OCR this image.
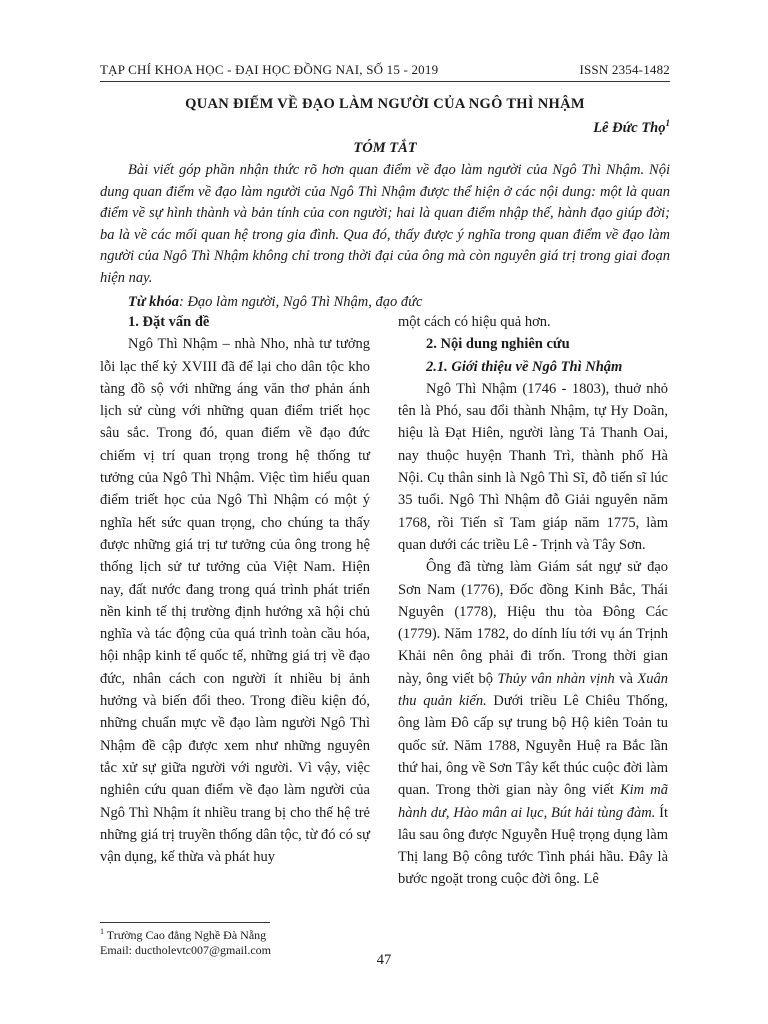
TẠP CHÍ KHOA HỌC - ĐẠI HỌC ĐỒNG NAI, SỐ 15 - 2019	ISSN 2354-1482
QUAN ĐIỂM VỀ ĐẠO LÀM NGƯỜI CỦA NGÔ THÌ NHẬM
Lê Đức Thọ$^1$
TÓM TẮT
Bài viết góp phần nhận thức rõ hơn quan điểm về đạo làm người của Ngô Thì Nhậm. Nội dung quan điểm về đạo làm người của Ngô Thì Nhậm được thể hiện ở các nội dung: một là quan điểm về sự hình thành và bản tính của con người; hai là quan điểm nhập thế, hành đạo giúp đời; ba là về các mối quan hệ trong gia đình. Qua đó, thấy được ý nghĩa trong quan điểm về đạo làm người của Ngô Thì Nhậm không chỉ trong thời đại của ông mà còn nguyên giá trị trong giai đoạn hiện nay.
Từ khóa: Đạo làm người, Ngô Thì Nhậm, đạo đức
1. Đặt vấn đề

Ngô Thì Nhậm – nhà Nho, nhà tư tưởng lỗi lạc thế kỷ XVIII đã để lại cho dân tộc kho tàng đồ sộ với những áng văn thơ phản ánh lịch sử cùng với những quan điểm triết học sâu sắc. Trong đó, quan điểm về đạo đức chiếm vị trí quan trọng trong hệ thống tư tưởng của Ngô Thì Nhậm. Việc tìm hiểu quan điểm triết học của Ngô Thì Nhậm có một ý nghĩa hết sức quan trọng, cho chúng ta thấy được những giá trị tư tưởng của ông trong hệ thống lịch sử tư tưởng của Việt Nam. Hiện nay, đất nước đang trong quá trình phát triển nền kinh tế thị trường định hướng xã hội chủ nghĩa và tác động của quá trình toàn cầu hóa, hội nhập kinh tế quốc tế, những giá trị về đạo đức, nhân cách con người ít nhiều bị ảnh hưởng và biến đổi theo. Trong điều kiện đó, những chuẩn mực về đạo làm người Ngô Thì Nhậm đề cập được xem như những nguyên tắc xử sự giữa người với người. Vì vậy, việc nghiên cứu quan điểm về đạo làm người của Ngô Thì Nhậm ít nhiều trang bị cho thế hệ trẻ những giá trị truyền thống dân tộc, từ đó có sự vận dụng, kế thừa và phát huy

một cách có hiệu quả hơn.

2. Nội dung nghiên cứu
2.1. Giới thiệu về Ngô Thì Nhậm

Ngô Thì Nhậm (1746 - 1803), thuở nhỏ tên là Phó, sau đổi thành Nhậm, tự Hy Doãn, hiệu là Đạt Hiên, người làng Tả Thanh Oai, nay thuộc huyện Thanh Trì, thành phố Hà Nội. Cụ thân sinh là Ngô Thì Sĩ, đỗ tiến sĩ lúc 35 tuổi. Ngô Thì Nhậm đỗ Giải nguyên năm 1768, rồi Tiến sĩ Tam giáp năm 1775, làm quan dưới các triều Lê - Trịnh và Tây Sơn.

Ông đã từng làm Giám sát ngự sử đạo Sơn Nam (1776), Đốc đồng Kinh Bắc, Thái Nguyên (1778), Hiệu thu tòa Đông Các (1779). Năm 1782, do dính líu tới vụ án Trịnh Khải nên ông phải đi trốn. Trong thời gian này, ông viết bộ Thủy vân nhàn vịnh và Xuân thu quản kiến. Dưới triều Lê Chiêu Thống, ông làm Đô cấp sự trung bộ Hộ kiên Toản tu quốc sử. Năm 1788, Nguyễn Huệ ra Bắc lần thứ hai, ông về Sơn Tây kết thúc cuộc đời làm quan. Trong thời gian này ông viết Kim mã hành dư, Hào mân ai lục, Bút hải tùng đàm. Ít lâu sau ông được Nguyễn Huệ trọng dụng làm Thị lang Bộ công tước Tình phái hầu. Đây là bước ngoặt trong cuộc đời ông. Lê

$^1$ Trường Cao đẳng Nghề Đà Nẵng
Email: ductholevtc007@gmail.com
47
